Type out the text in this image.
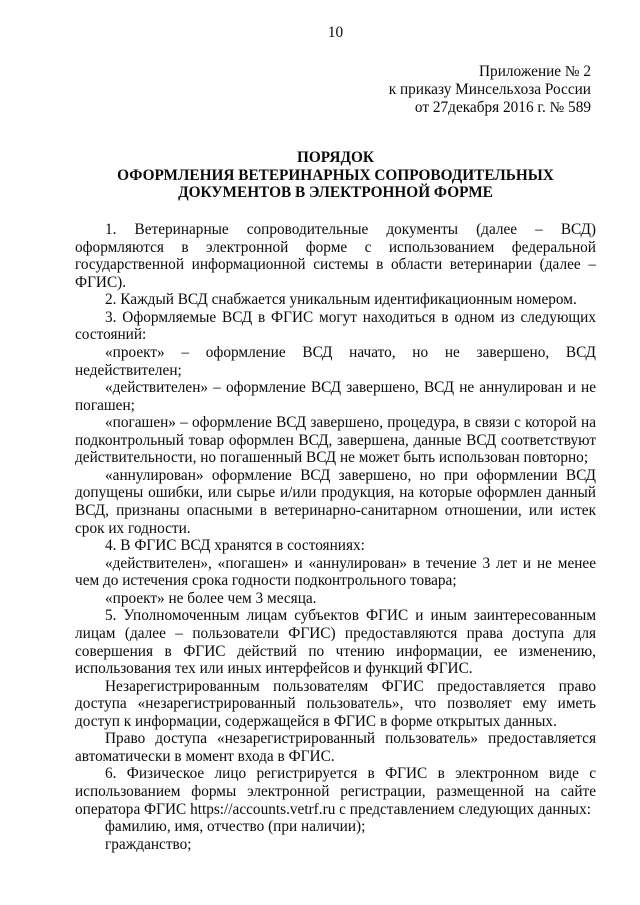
10
Приложение № 2
к приказу Минсельхоза России
от 27декабря 2016 г. № 589
ПОРЯДОК
ОФОРМЛЕНИЯ ВЕТЕРИНАРНЫХ СОПРОВОДИТЕЛЬНЫХ
ДОКУМЕНТОВ В ЭЛЕКТРОННОЙ ФОРМЕ
1. Ветеринарные сопроводительные документы (далее – ВСД)
оформляются в электронной форме с использованием федеральной
государственной информационной системы в области ветеринарии (далее –
ФГИС).
2. Каждый ВСД снабжается уникальным идентификационным номером.
3. Оформляемые ВСД в ФГИС могут находиться в одном из следующих
состояний:
«проект» – оформление ВСД начато, но не завершено, ВСД
недействителен;
«действителен» – оформление ВСД завершено, ВСД не аннулирован и не
погашен;
«погашен» – оформление ВСД завершено, процедура, в связи с которой на
подконтрольный товар оформлен ВСД, завершена, данные ВСД соответствуют
действительности, но погашенный ВСД не может быть использован повторно;
«аннулирован» оформление ВСД завершено, но при оформлении ВСД
допущены ошибки, или сырье и/или продукция, на которые оформлен данный
ВСД, признаны опасными в ветеринарно-санитарном отношении, или истек
срок их годности.
4. В ФГИС ВСД хранятся в состояниях:
«действителен», «погашен» и «аннулирован» в течение 3 лет и не менее
чем до истечения срока годности подконтрольного товара;
«проект» не более чем 3 месяца.
5. Уполномоченным лицам субъектов ФГИС и иным заинтересованным
лицам (далее – пользователи ФГИС) предоставляются права доступа для
совершения в ФГИС действий по чтению информации, ее изменению,
использования тех или иных интерфейсов и функций ФГИС.
Незарегистрированным пользователям ФГИС предоставляется право
доступа «незарегистрированный пользователь», что позволяет ему иметь
доступ к информации, содержащейся в ФГИС в форме открытых данных.
Право доступа «незарегистрированный пользователь» предоставляется
автоматически в момент входа в ФГИС.
6. Физическое лицо регистрируется в ФГИС в электронном виде с
использованием формы электронной регистрации, размещенной на сайте
оператора ФГИС https://accounts.vetrf.ru с представлением следующих данных:
фамилию, имя, отчество (при наличии);
гражданство;
